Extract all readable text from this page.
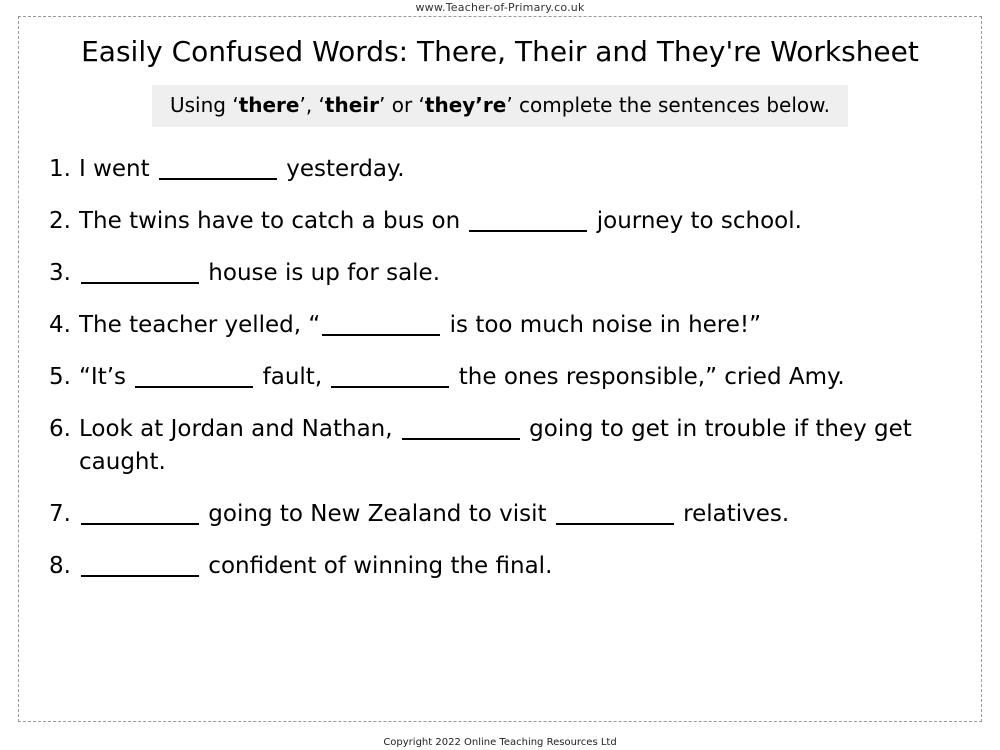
www.Teacher-of-Primary.co.uk
Easily Confused Words: There, Their and They're Worksheet
Using ‘there’, ‘their’ or ‘they’re’ complete the sentences below.
1. I went	yesterday.
2. The twins have to catch a bus on	journey to school.
3.	house is up for sale.
4. The teacher yelled, “	is too much noise in here!”
5. “It’s	fault,	the ones responsible,” cried Amy.
6. Look at Jordan and Nathan,	going to get in trouble if they get caught.
7.	going to New Zealand to visit	relatives.
8.	confident of winning the final.
Copyright 2022 Online Teaching Resources Ltd
